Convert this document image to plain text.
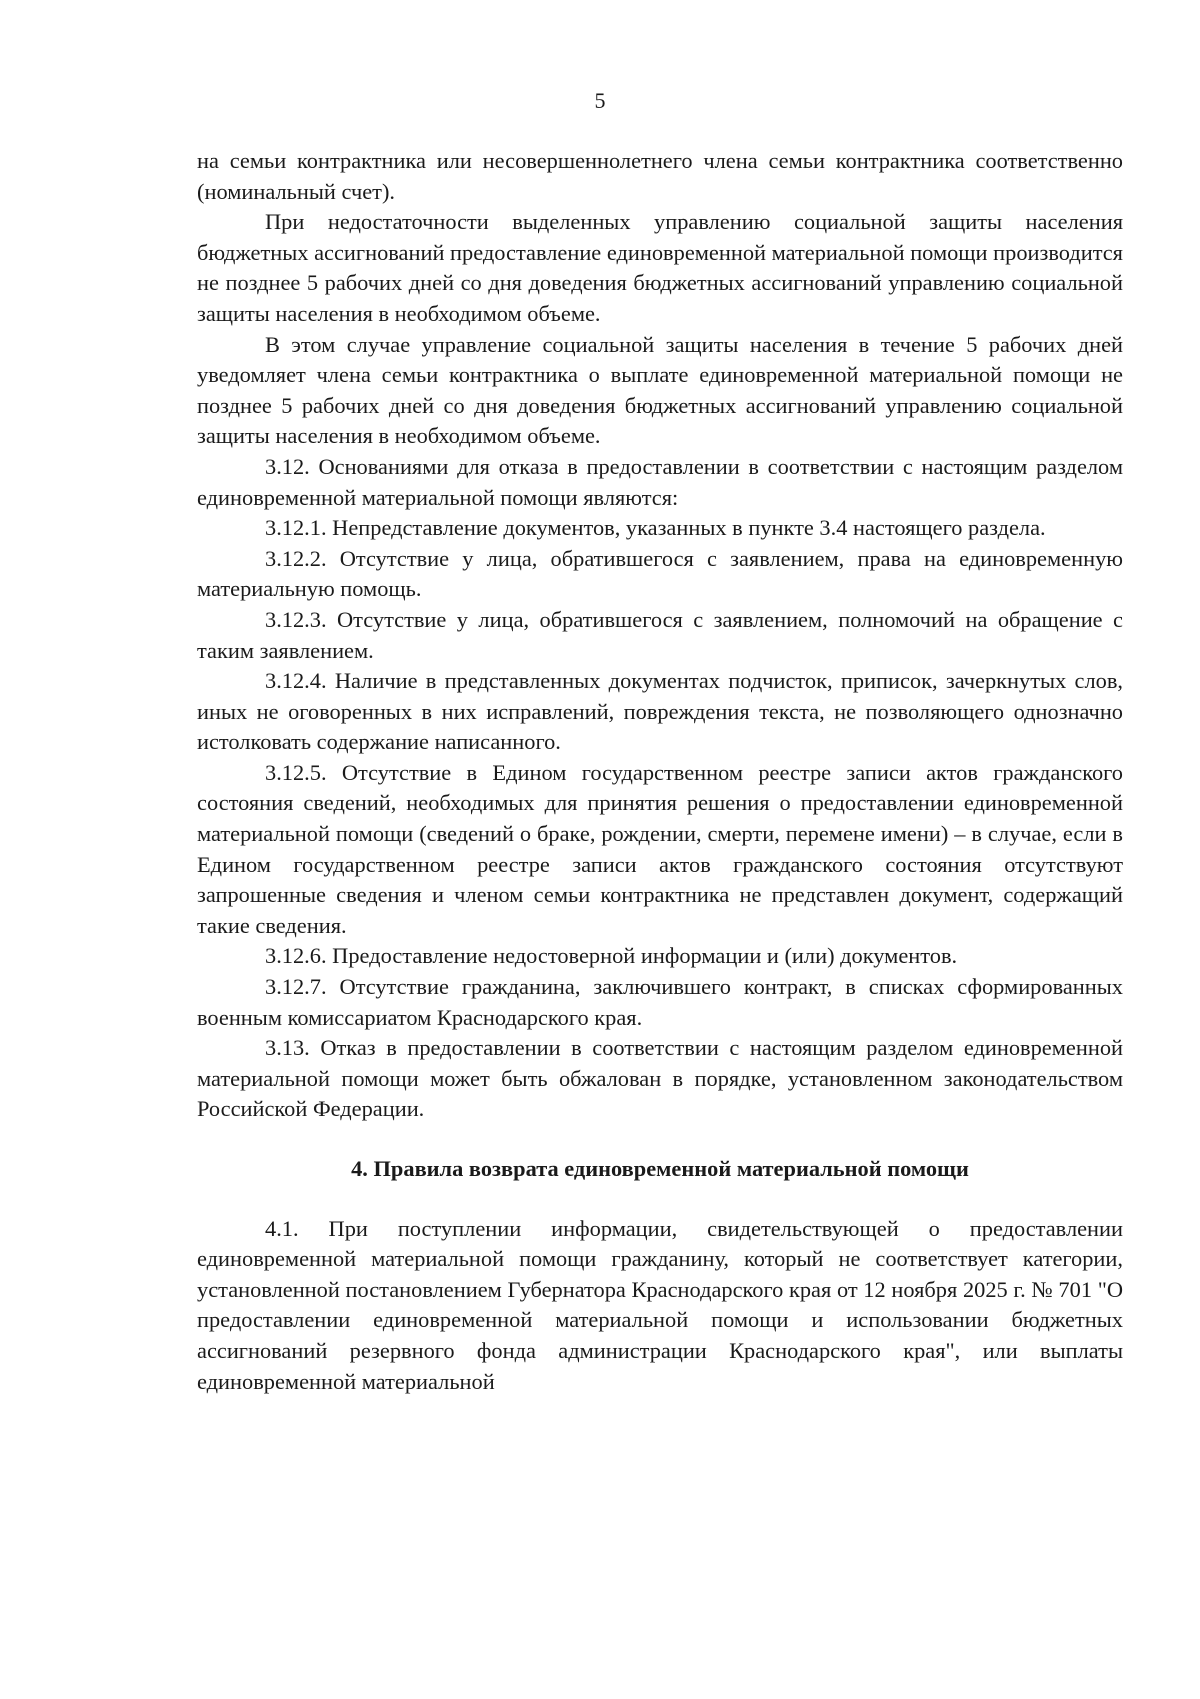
5

на семьи контрактника или несовершеннолетнего члена семьи контрактника соответственно (номинальный счет).

При недостаточности выделенных управлению социальной защиты населения бюджетных ассигнований предоставление единовременной материальной помощи производится не позднее 5 рабочих дней со дня доведения бюджетных ассигнований управлению социальной защиты населения в необходимом объеме.

В этом случае управление социальной защиты населения в течение 5 рабочих дней уведомляет члена семьи контрактника о выплате единовременной материальной помощи не позднее 5 рабочих дней со дня доведения бюджетных ассигнований управлению социальной защиты населения в необходимом объеме.

3.12. Основаниями для отказа в предоставлении в соответствии с настоящим разделом единовременной материальной помощи являются:

3.12.1. Непредставление документов, указанных в пункте 3.4 настоящего раздела.

3.12.2. Отсутствие у лица, обратившегося с заявлением, права на единовременную материальную помощь.

3.12.3. Отсутствие у лица, обратившегося с заявлением, полномочий на обращение с таким заявлением.

3.12.4. Наличие в представленных документах подчисток, приписок, зачеркнутых слов, иных не оговоренных в них исправлений, повреждения текста, не позволяющего однозначно истолковать содержание написанного.

3.12.5. Отсутствие в Едином государственном реестре записи актов гражданского состояния сведений, необходимых для принятия решения о предоставлении единовременной материальной помощи (сведений о браке, рождении, смерти, перемене имени) – в случае, если в Едином государственном реестре записи актов гражданского состояния отсутствуют запрошенные сведения и членом семьи контрактника не представлен документ, содержащий такие сведения.

3.12.6. Предоставление недостоверной информации и (или) документов.

3.12.7. Отсутствие гражданина, заключившего контракт, в списках сформированных военным комиссариатом Краснодарского края.

3.13. Отказ в предоставлении в соответствии с настоящим разделом единовременной материальной помощи может быть обжалован в порядке, установленном законодательством Российской Федерации.

4. Правила возврата единовременной материальной помощи

4.1. При поступлении информации, свидетельствующей о предоставлении единовременной материальной помощи гражданину, который не соответствует категории, установленной постановлением Губернатора Краснодарского края от 12 ноября 2025 г. № 701 "О предоставлении единовременной материальной помощи и использовании бюджетных ассигнований резервного фонда администрации Краснодарского края", или выплаты единовременной материальной
